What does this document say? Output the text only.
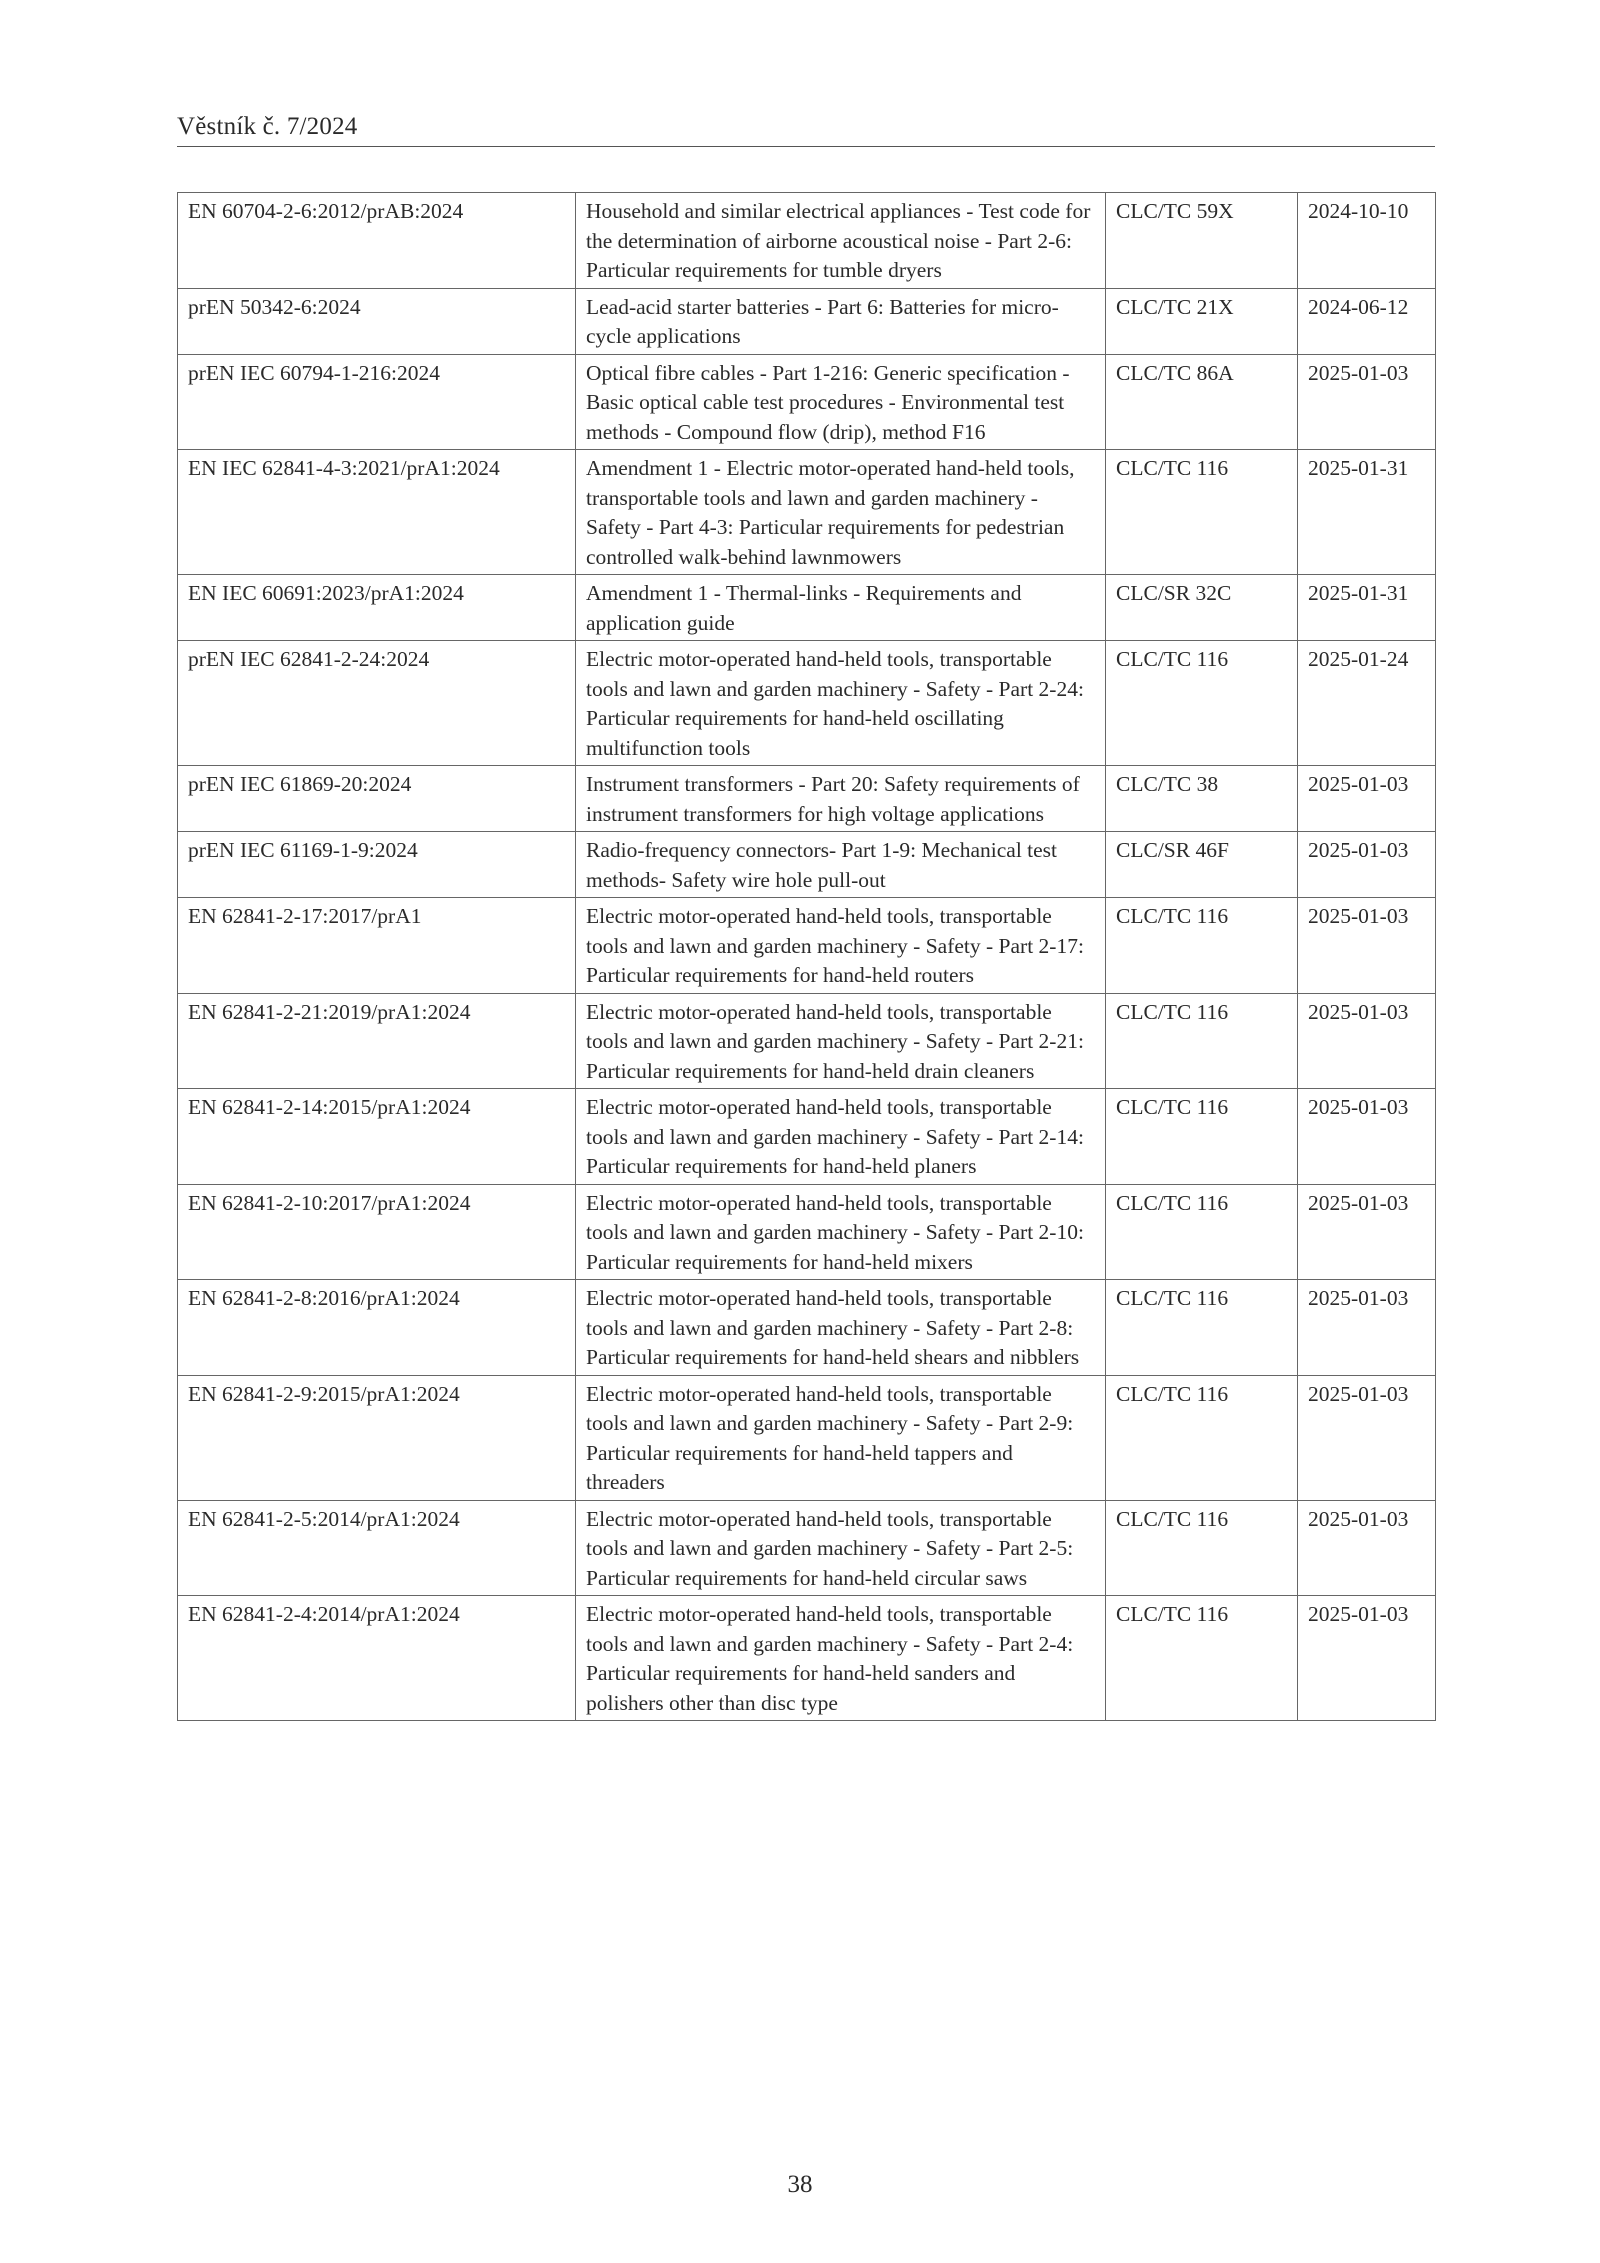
Věstník č. 7/2024
EN 60704-2-6:2012/prAB:2024	Household and similar electrical appliances - Test code for the determination of airborne acoustical noise - Part 2-6: Particular requirements for tumble dryers	CLC/TC 59X	2024-10-10
prEN 50342-6:2024	Lead-acid starter batteries - Part 6: Batteries for micro-cycle applications	CLC/TC 21X	2024-06-12
prEN IEC 60794-1-216:2024	Optical fibre cables - Part 1-216: Generic specification - Basic optical cable test procedures - Environmental test methods - Compound flow (drip), method F16	CLC/TC 86A	2025-01-03
EN IEC 62841-4-3:2021/prA1:2024	Amendment 1 - Electric motor-operated hand-held tools, transportable tools and lawn and garden machinery - Safety - Part 4-3: Particular requirements for pedestrian controlled walk-behind lawnmowers	CLC/TC 116	2025-01-31
EN IEC 60691:2023/prA1:2024	Amendment 1 - Thermal-links - Requirements and application guide	CLC/SR 32C	2025-01-31
prEN IEC 62841-2-24:2024	Electric motor-operated hand-held tools, transportable tools and lawn and garden machinery - Safety - Part 2-24: Particular requirements for hand-held oscillating multifunction tools	CLC/TC 116	2025-01-24
prEN IEC 61869-20:2024	Instrument transformers - Part 20: Safety requirements of instrument transformers for high voltage applications	CLC/TC 38	2025-01-03
prEN IEC 61169-1-9:2024	Radio-frequency connectors- Part 1-9: Mechanical test methods- Safety wire hole pull-out	CLC/SR 46F	2025-01-03
EN 62841-2-17:2017/prA1	Electric motor-operated hand-held tools, transportable tools and lawn and garden machinery - Safety - Part 2-17: Particular requirements for hand-held routers	CLC/TC 116	2025-01-03
EN 62841-2-21:2019/prA1:2024	Electric motor-operated hand-held tools, transportable tools and lawn and garden machinery - Safety - Part 2-21: Particular requirements for hand-held drain cleaners	CLC/TC 116	2025-01-03
EN 62841-2-14:2015/prA1:2024	Electric motor-operated hand-held tools, transportable tools and lawn and garden machinery - Safety - Part 2-14: Particular requirements for hand-held planers	CLC/TC 116	2025-01-03
EN 62841-2-10:2017/prA1:2024	Electric motor-operated hand-held tools, transportable tools and lawn and garden machinery - Safety - Part 2-10: Particular requirements for hand-held mixers	CLC/TC 116	2025-01-03
EN 62841-2-8:2016/prA1:2024	Electric motor-operated hand-held tools, transportable tools and lawn and garden machinery - Safety - Part 2-8: Particular requirements for hand-held shears and nibblers	CLC/TC 116	2025-01-03
EN 62841-2-9:2015/prA1:2024	Electric motor-operated hand-held tools, transportable tools and lawn and garden machinery - Safety - Part 2-9: Particular requirements for hand-held tappers and threaders	CLC/TC 116	2025-01-03
EN 62841-2-5:2014/prA1:2024	Electric motor-operated hand-held tools, transportable tools and lawn and garden machinery - Safety - Part 2-5: Particular requirements for hand-held circular saws	CLC/TC 116	2025-01-03
EN 62841-2-4:2014/prA1:2024	Electric motor-operated hand-held tools, transportable tools and lawn and garden machinery - Safety - Part 2-4: Particular requirements for hand-held sanders and polishers other than disc type	CLC/TC 116	2025-01-03
38
